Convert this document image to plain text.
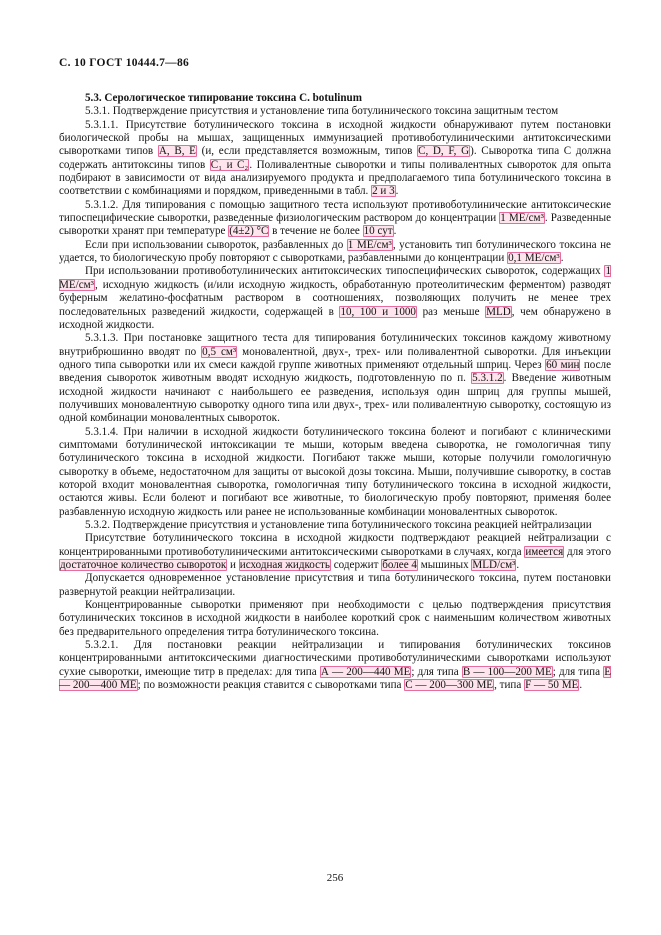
С. 10 ГОСТ 10444.7—86

5.3. Серологическое типирование токсина C. botulinum

5.3.1. Подтверждение присутствия и установление типа ботулинического токсина защитным тестом

5.3.1.1. Присутствие ботулинического токсина в исходной жидкости обнаруживают путем постановки биологической пробы на мышах, защищенных иммунизацией противоботулиническими антитоксическими сыворотками типов А, В, Е (и, если представляется возможным, типов С, D, F, G). Сыворотка типа С должна содержать антитоксины типов С₁ и С₂. Поливалентные сыворотки и типы поливалентных сывороток для опыта подбирают в зависимости от вида анализируемого продукта и предполагаемого типа ботулинического токсина в соответствии с комбинациями и порядком, приведенными в табл. 2 и 3.

5.3.1.2. Для типирования с помощью защитного теста используют противоботулинические антитоксические типоспецифические сыворотки, разведенные физиологическим раствором до концентрации 1 МЕ/см³. Разведенные сыворотки хранят при температуре (4±2) °С в течение не более 10 сут.

Если при использовании сывороток, разбавленных до 1 МЕ/см³, установить тип ботулинического токсина не удается, то биологическую пробу повторяют с сыворотками, разбавленными до концентрации 0,1 МЕ/см³.

При использовании противоботулинических антитоксических типоспецифических сывороток, содержащих 1 МЕ/см³, исходную жидкость (и/или исходную жидкость, обработанную протеолитическим ферментом) разводят буферным желатино-фосфатным раствором в соотношениях, позволяющих получить не менее трех последовательных разведений жидкости, содержащей в 10, 100 и 1000 раз меньше MLD, чем обнаружено в исходной жидкости.

5.3.1.3. При постановке защитного теста для типирования ботулинических токсинов каждому животному внутрибрюшинно вводят по 0,5 см³ моновалентной, двух-, трех- или поливалентной сыворотки. Для инъекции одного типа сыворотки или их смеси каждой группе животных применяют отдельный шприц. Через 60 мин после введения сывороток животным вводят исходную жидкость, подготовленную по п. 5.3.1.2. Введение животным исходной жидкости начинают с наибольшего ее разведения, используя один шприц для группы мышей, получивших моновалентную сыворотку одного типа или двух-, трех- или поливалентную сыворотку, состоящую из одной комбинации моновалентных сывороток.

5.3.1.4. При наличии в исходной жидкости ботулинического токсина болеют и погибают с клиническими симптомами ботулинической интоксикации те мыши, которым введена сыворотка, не гомологичная типу ботулинического токсина в исходной жидкости. Погибают также мыши, которые получили гомологичную сыворотку в объеме, недостаточном для защиты от высокой дозы токсина. Мыши, получившие сыворотку, в состав которой входит моновалентная сыворотка, гомологичная типу ботулинического токсина в исходной жидкости, остаются живы. Если болеют и погибают все животные, то биологическую пробу повторяют, применяя более разбавленную исходную жидкость или ранее не использованные комбинации моновалентных сывороток.

5.3.2. Подтверждение присутствия и установление типа ботулинического токсина реакцией нейтрализации

Присутствие ботулинического токсина в исходной жидкости подтверждают реакцией нейтрализации с концентрированными противоботулиническими антитоксическими сыворотками в случаях, когда имеется для этого достаточное количество сывороток и исходная жидкость содержит более 4 мышиных MLD/см³.

Допускается одновременное установление присутствия и типа ботулинического токсина, путем постановки развернутой реакции нейтрализации.

Концентрированные сыворотки применяют при необходимости с целью подтверждения присутствия ботулинических токсинов в исходной жидкости в наиболее короткий срок с наименьшим количеством животных без предварительного определения титра ботулинического токсина.

5.3.2.1. Для постановки реакции нейтрализации и типирования ботулинических токсинов концентрированными антитоксическими диагностическими противоботулиническими сыворотками используют сухие сыворотки, имеющие титр в пределах: для типа А — 200—440 МЕ; для типа В — 100—200 МЕ; для типа Е — 200—400 МЕ; по возможности реакция ставится с сыворотками типа С — 200—300 МЕ, типа F — 50 МЕ.

256
